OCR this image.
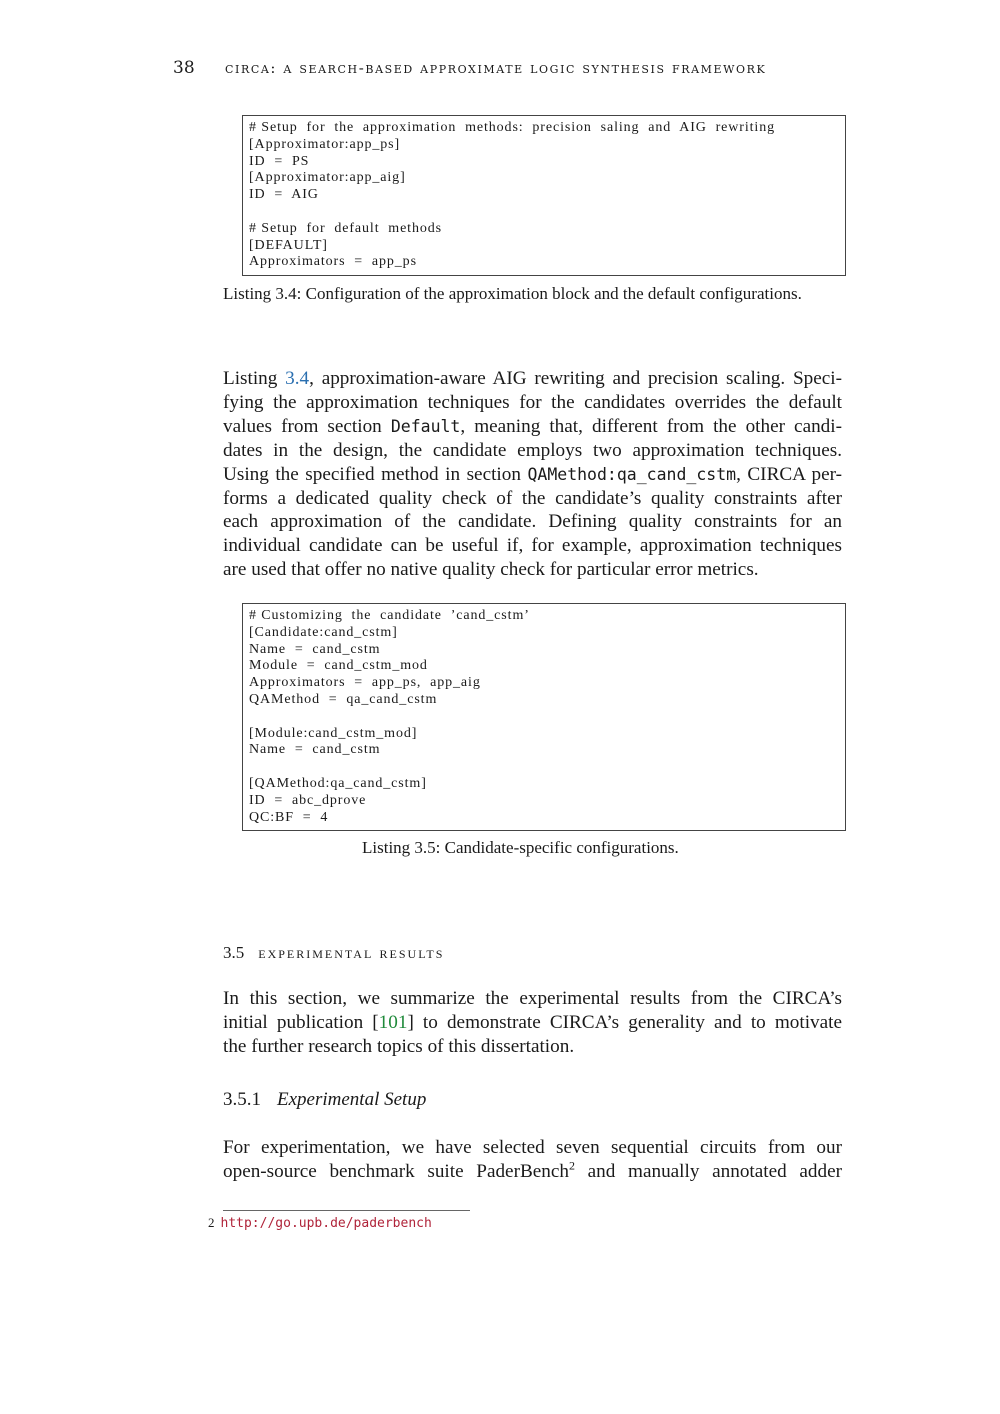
38 circa: a search-based approximate logic synthesis framework
# Setup  for  the  approximation  methods:  precision  saling  and  AIG  rewriting
[Approximator:app_ps]
ID  =  PS
[Approximator:app_aig]
ID  =  AIG
# Setup  for  default  methods
[DEFAULT]
Approximators  =  app_ps
Listing 3.4: Configuration of the approximation block and the default configurations.
Listing 3.4, approximation-aware AIG rewriting and precision scaling. Speci-
fying the approximation techniques for the candidates overrides the default
values from section Default, meaning that, different from the other candi-
dates in the design, the candidate employs two approximation techniques.
Using the specified method in section QAMethod:qa_cand_cstm, CIRCA per-
forms a dedicated quality check of the candidate’s quality constraints after
each approximation of the candidate. Defining quality constraints for an
individual candidate can be useful if, for example, approximation techniques
are used that offer no native quality check for particular error metrics.
# Customizing  the  candidate  ’cand_cstm’
[Candidate:cand_cstm]
Name  =  cand_cstm
Module  =  cand_cstm_mod
Approximators  =  app_ps,  app_aig
QAMethod  =  qa_cand_cstm
[Module:cand_cstm_mod]
Name  =  cand_cstm
[QAMethod:qa_cand_cstm]
ID  =  abc_dprove
QC:BF  =  4
Listing 3.5: Candidate-specific configurations.
3.5 experimental results
In this section, we summarize the experimental results from the CIRCA’s
initial publication [101] to demonstrate CIRCA’s generality and to motivate
the further research topics of this dissertation.
3.5.1 Experimental Setup
For experimentation, we have selected seven sequential circuits from our
open-source benchmark suite PaderBench$^2$ and manually annotated adder
2 http://go.upb.de/paderbench
